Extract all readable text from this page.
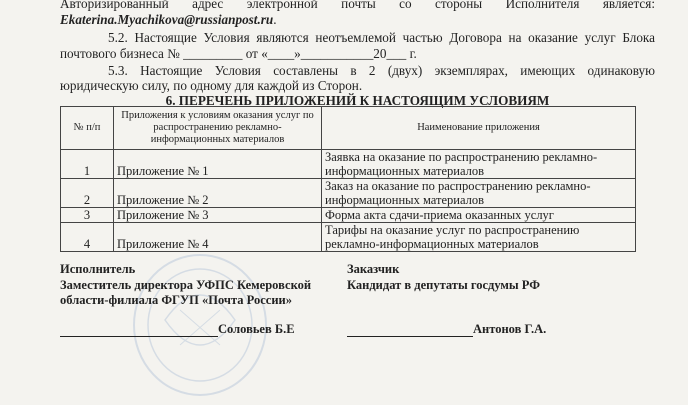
Авторизированный адрес электронной почты со стороны Исполнителя является:
Ekaterina.Myachikova@russianpost.ru.
5.2. Настоящие Условия являются неотъемлемой частью Договора на оказание услуг Блока
почтового бизнеса № _________ от «____»___________20___ г.
5.3. Настоящие Условия составлены в 2 (двух) экземплярах, имеющих одинаковую
юридическую силу, по одному для каждой из Сторон.
6. ПЕРЕЧЕНЬ ПРИЛОЖЕНИЙ К НАСТОЯЩИМ УСЛОВИЯМ
№ п/п	Приложения к условиям оказания услуг по распространению рекламно-информационных материалов	Наименование приложения
1	Приложение № 1	Заявка на оказание по распространению рекламно-информационных материалов
2	Приложение № 2	Заказ на оказание по распространению рекламно-информационных материалов
3	Приложение № 3	Форма акта сдачи-приема оказанных услуг
4	Приложение № 4	Тарифы на оказание услуг по распространению рекламно-информационных материалов
Исполнитель
Заместитель директора УФПС Кемеровской
области-филиала ФГУП «Почта России»
Соловьев Б.Е
Заказчик
Кандидат в депутаты госдумы РФ
Антонов Г.А.
